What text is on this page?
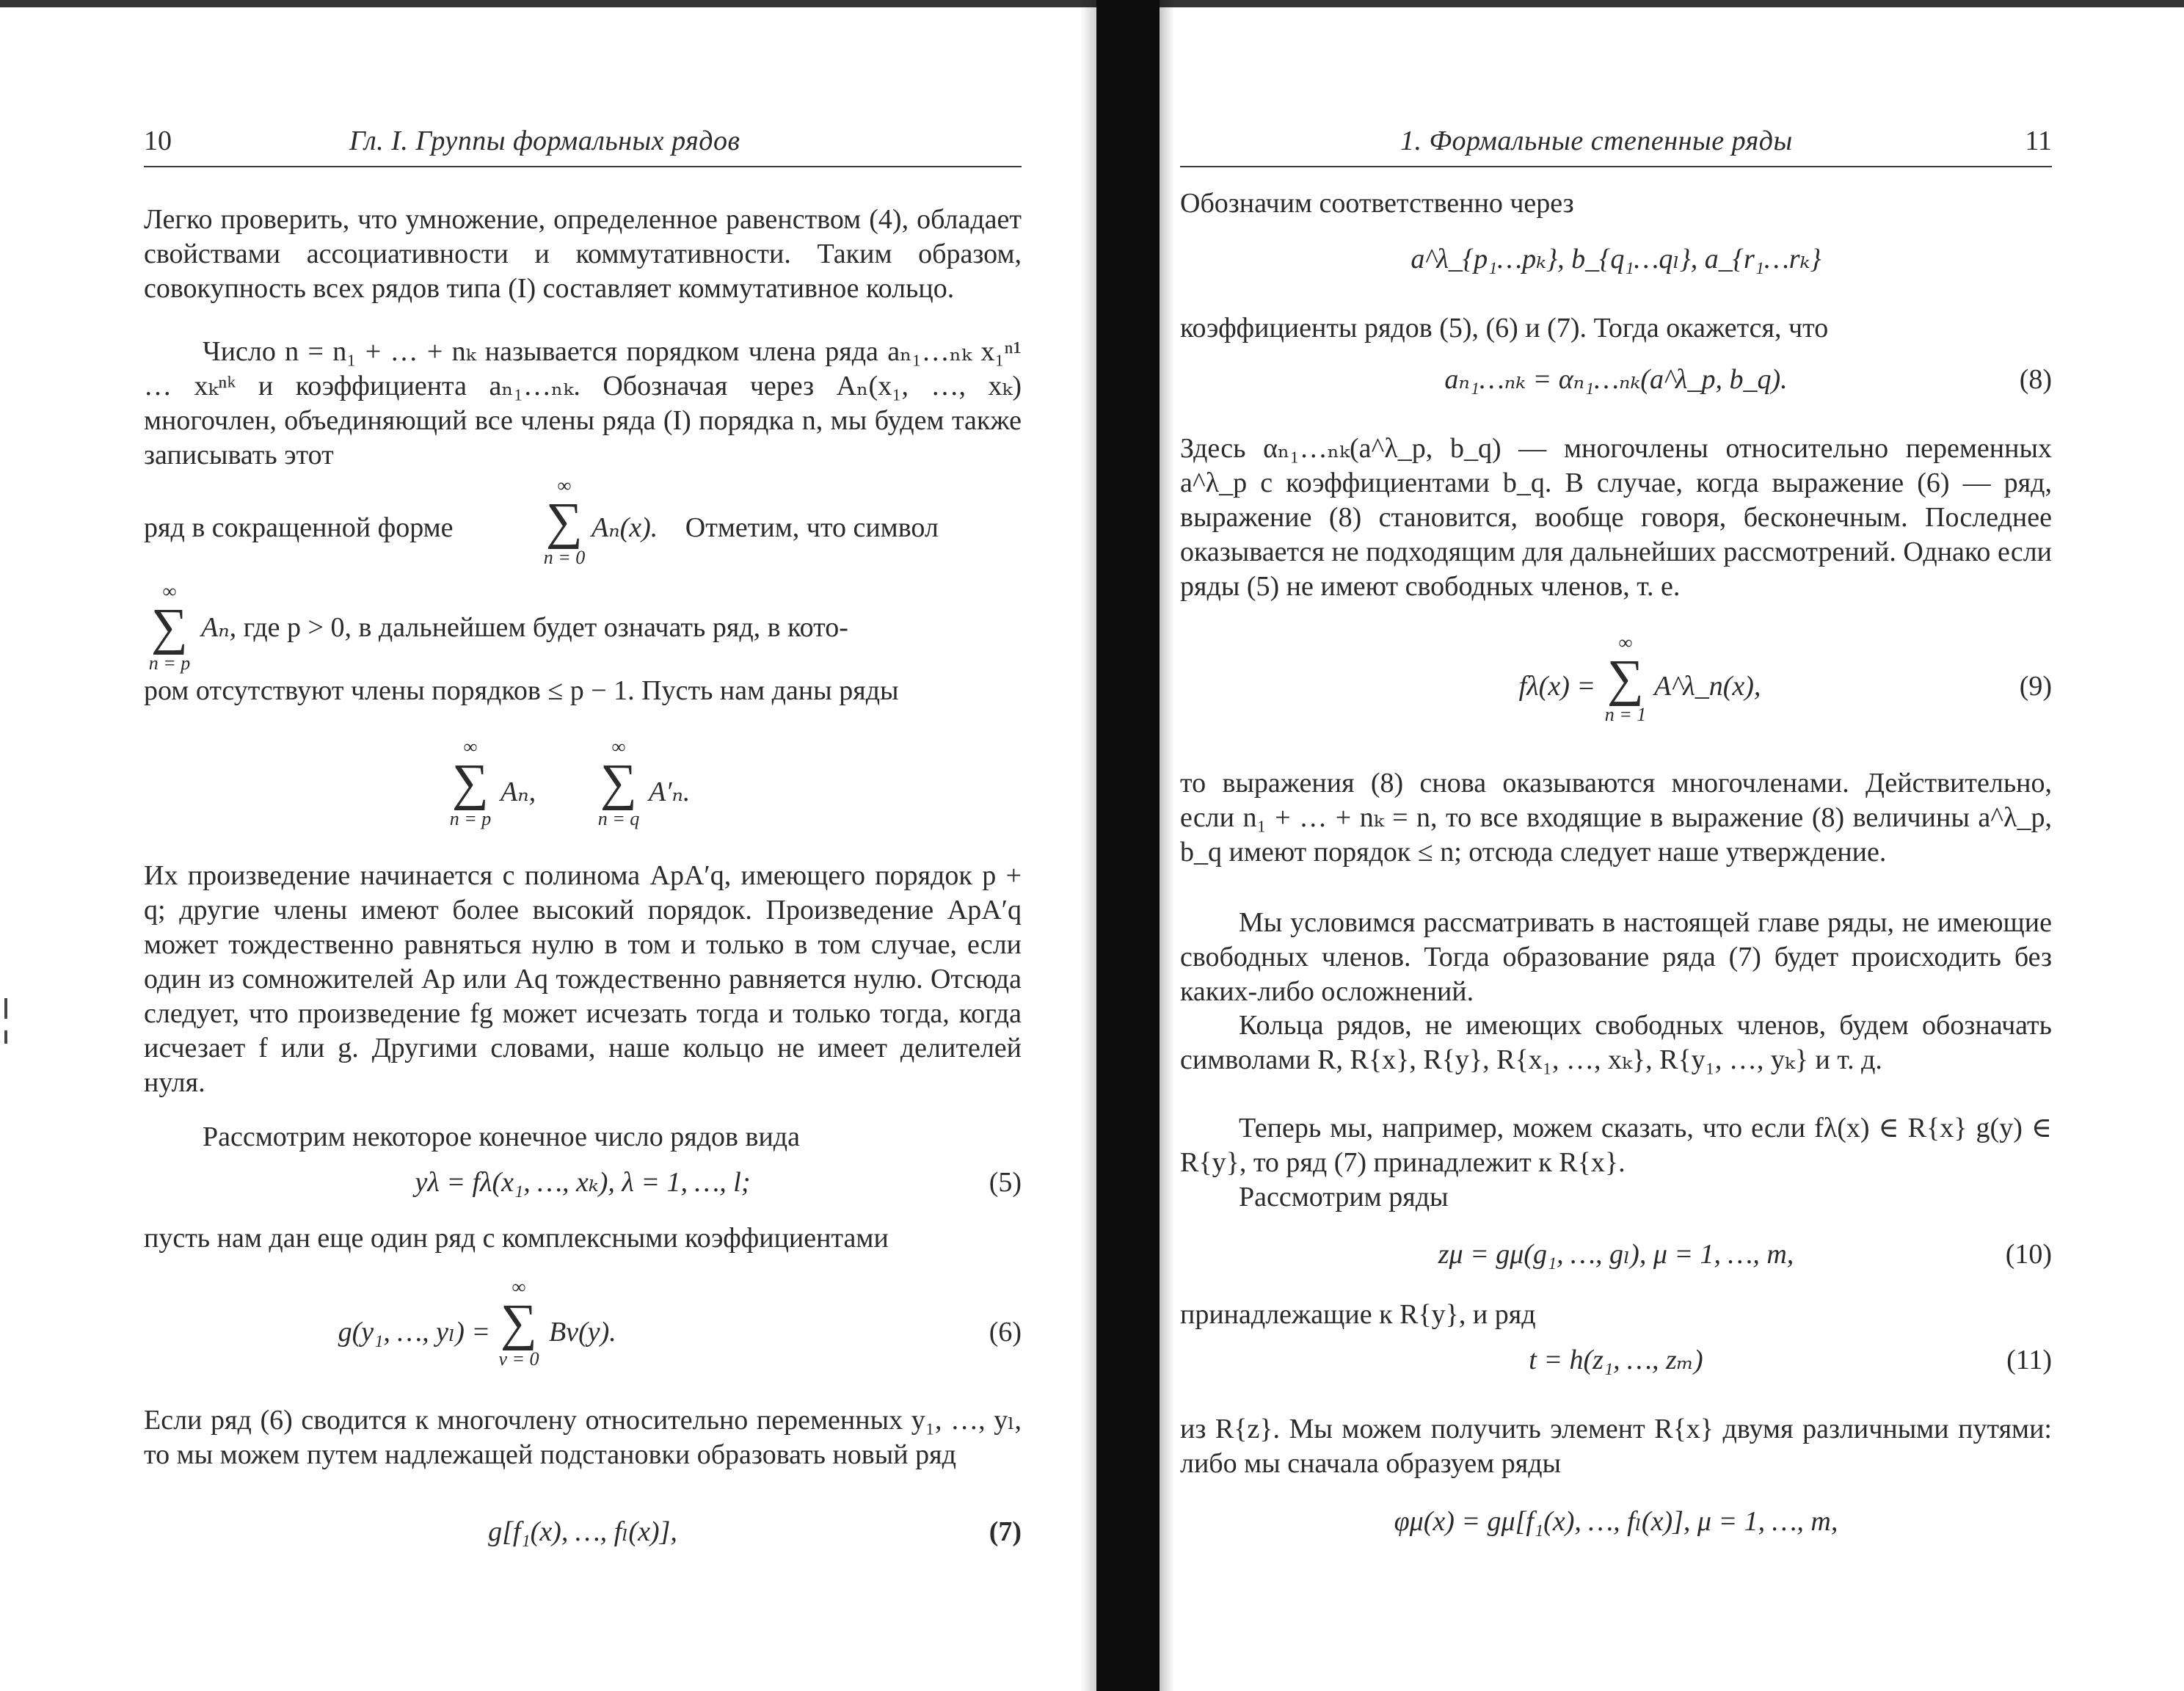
10	Гл. I. Группы формальных рядов
Легко проверить, что умножение, определенное равенством (4), обладает свойствами ассоциативности и коммутативности. Таким образом, совокупность всех рядов типа (I) составляет коммутативное кольцо.
Число n = n₁ + … + nₖ называется порядком члена ряда aₙ₁…ₙₖ x₁ⁿ¹ … xₖⁿᵏ и коэффициента aₙ₁…ₙₖ. Обозначая через Aₙ(x₁, …, xₖ) многочлен, объединяющий все члены ряда (I) порядка n, мы будем также записывать этот
ряд в сокращенной форме
∞
∑
n = 0
Aₙ(x). Отметим, что символ
∞
∑
n = p
Aₙ, где p > 0, в дальнейшем будет означать ряд, в кото-
ром отсутствуют члены порядков ≤ p − 1. Пусть нам даны ряды
∞
∑
n = p
Aₙ,
∞
∑
n = q
A′ₙ.
Их произведение начинается с полинома ApA′q, имеющего порядок p + q; другие члены имеют более высокий порядок. Произведение ApA′q может тождественно равняться нулю в том и только в том случае, если один из сомножителей Ap или Aq тождественно равняется нулю. Отсюда следует, что произведение fg может исчезать тогда и только тогда, когда исчезает f или g. Другими словами, наше кольцо не имеет делителей нуля.
Рассмотрим некоторое конечное число рядов вида
yλ = fλ(x₁, …, xₖ), λ = 1, …, l;	(5)
пусть нам дан еще один ряд с комплексными коэффициентами
g(y₁, …, yₗ) =
∞
∑
ν = 0
Bν(y).	(6)
Если ряд (6) сводится к многочлену относительно переменных y₁, …, yₗ, то мы можем путем надлежащей подстановки образовать новый ряд
g[f₁(x), …, fₗ(x)],	(7)
1. Формальные степенные ряды	11
Обозначим соответственно через
a^λ_{p₁…pₖ}, b_{q₁…qₗ}, a_{r₁…rₖ}
коэффициенты рядов (5), (6) и (7). Тогда окажется, что
aₙ₁…ₙₖ = αₙ₁…ₙₖ(a^λ_p, b_q).	(8)
Здесь αₙ₁…ₙₖ(a^λ_p, b_q) — многочлены относительно переменных a^λ_p с коэффициентами b_q. В случае, когда выражение (6) — ряд, выражение (8) становится, вообще говоря, бесконечным. Последнее оказывается не подходящим для дальнейших рассмотрений. Однако если ряды (5) не имеют свободных членов, т. е.
fλ(x) =
∞
∑
n = 1
A^λ_n(x),	(9)
то выражения (8) снова оказываются многочленами. Действительно, если n₁ + … + nₖ = n, то все входящие в выражение (8) величины a^λ_p, b_q имеют порядок ≤ n; отсюда следует наше утверждение.
Мы условимся рассматривать в настоящей главе ряды, не имеющие свободных членов. Тогда образование ряда (7) будет происходить без каких-либо осложнений.
Кольца рядов, не имеющих свободных членов, будем обозначать символами R, R{x}, R{y}, R{x₁, …, xₖ}, R{y₁, …, yₖ} и т. д.
Теперь мы, например, можем сказать, что если fλ(x) ∈ R{x} g(y) ∈ R{y}, то ряд (7) принадлежит к R{x}.
Рассмотрим ряды
zμ = gμ(g₁, …, gₗ), μ = 1, …, m,	(10)
принадлежащие к R{y}, и ряд
t = h(z₁, …, zₘ)	(11)
из R{z}. Мы можем получить элемент R{x} двумя различными путями: либо мы сначала образуем ряды
φμ(x) = gμ[f₁(x), …, fₗ(x)], μ = 1, …, m,
